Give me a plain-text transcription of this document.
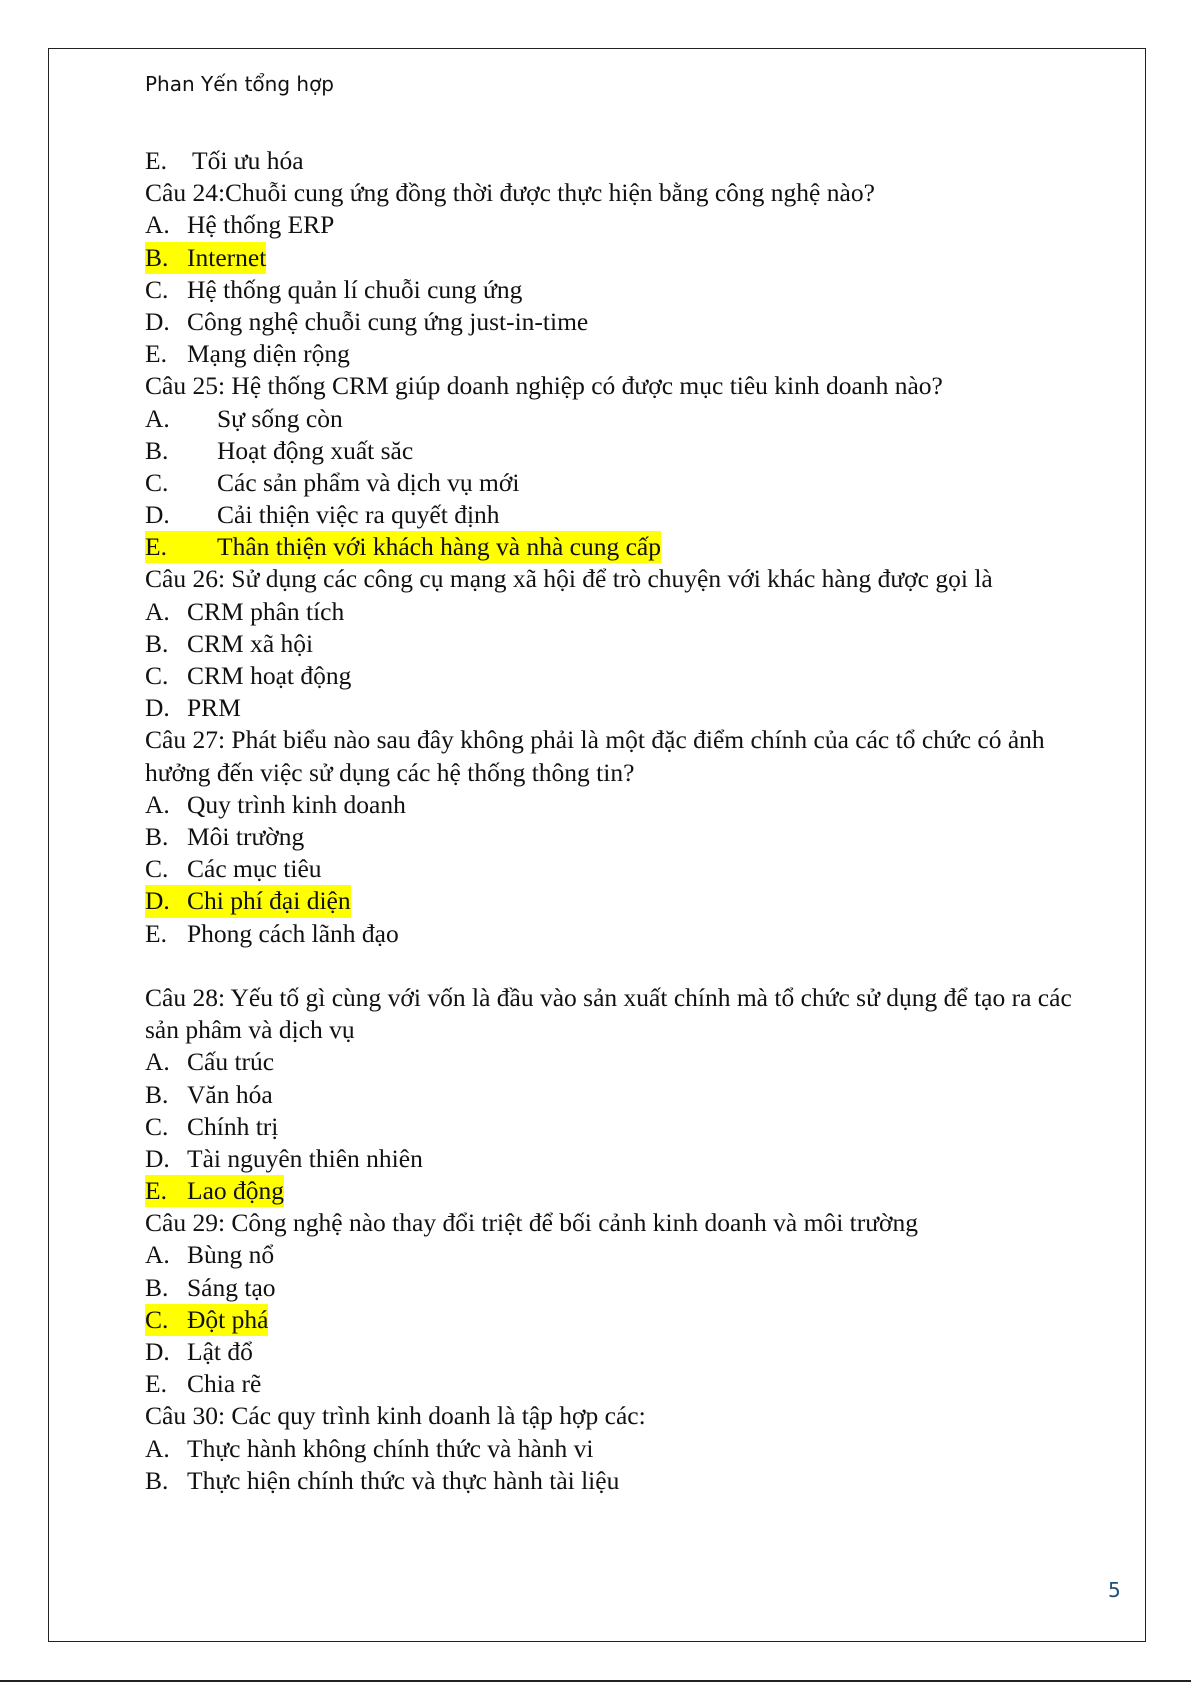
Phan Yến tổng hợp
E. Tối ưu hóa
Câu 24:Chuỗi cung ứng đồng thời được thực hiện bằng công nghệ nào?
A. Hệ thống ERP
B. Internet
C. Hệ thống quản lí chuỗi cung ứng
D. Công nghệ chuỗi cung ứng just-in-time
E. Mạng diện rộng
Câu 25: Hệ thống CRM giúp doanh nghiệp có được mục tiêu kinh doanh nào?
A. Sự sống còn
B. Hoạt động xuất săc
C. Các sản phẩm và dịch vụ mới
D. Cải thiện việc ra quyết định
E. Thân thiện với khách hàng và nhà cung cấp
Câu 26: Sử dụng các công cụ mạng xã hội để trò chuyện với khác hàng được gọi là
A. CRM phân tích
B. CRM xã hội
C. CRM hoạt động
D. PRM
Câu 27: Phát biểu nào sau đây không phải là một đặc điểm chính của các tổ chức có ảnh hưởng đến việc sử dụng các hệ thống thông tin?
A. Quy trình kinh doanh
B. Môi trường
C. Các mục tiêu
D. Chi phí đại diện
E. Phong cách lãnh đạo
Câu 28: Yếu tố gì cùng với vốn là đầu vào sản xuất chính mà tổ chức sử dụng để tạo ra các sản phâm và dịch vụ
A. Cấu trúc
B. Văn hóa
C. Chính trị
D. Tài nguyên thiên nhiên
E. Lao động
Câu 29: Công nghệ nào thay đổi triệt để bối cảnh kinh doanh và môi trường
A. Bùng nổ
B. Sáng tạo
C. Đột phá
D. Lật đổ
E. Chia rẽ
Câu 30: Các quy trình kinh doanh là tập hợp các:
A. Thực hành không chính thức và hành vi
B. Thực hiện chính thức và thực hành tài liệu
5
